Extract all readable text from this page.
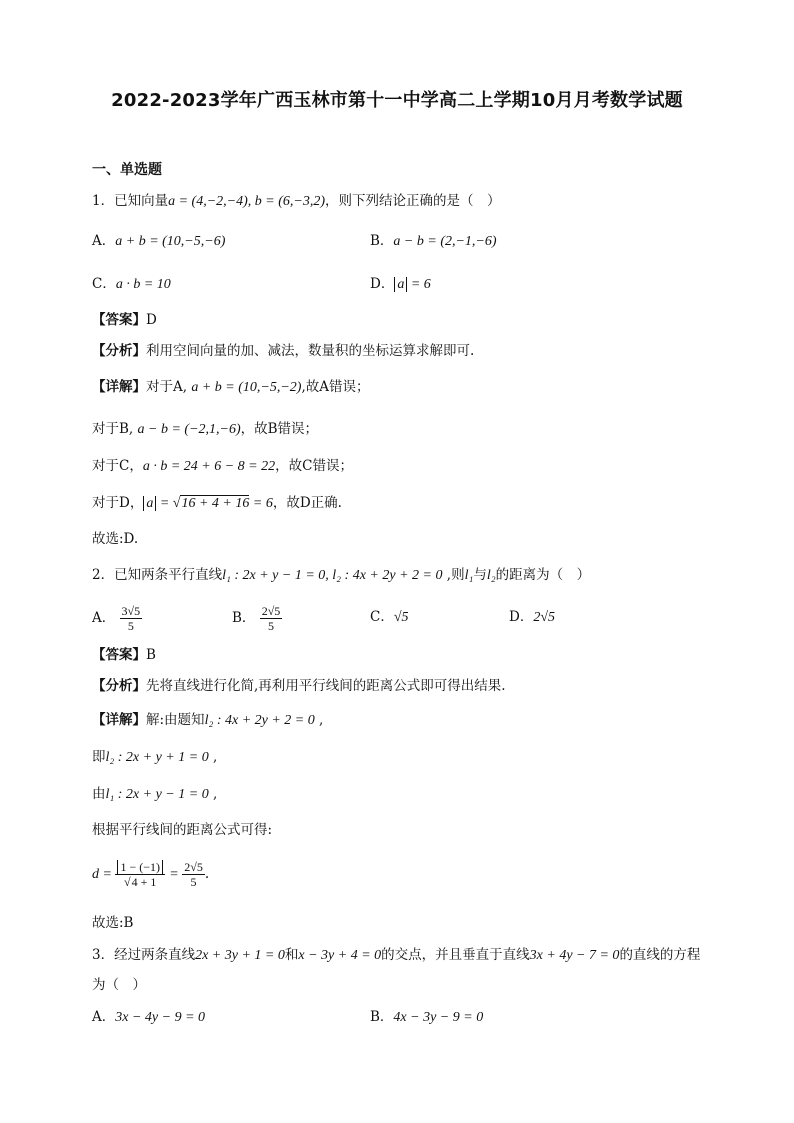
2022-2023学年广西玉林市第十一中学高二上学期10月月考数学试题
一、单选题
1．已知向量a = (4,−2,−4), b = (6,−3,2)，则下列结论正确的是（　）
A．a + b = (10,−5,−6)	B．a − b = (2,−1,−6)
C．a · b = 10	D． a = 6
【答案】D
【分析】利用空间向量的加、减法，数量积的坐标运算求解即可.
【详解】对于A, a + b = (10,−5,−2),故A错误；
对于B, a − b = (−2,1,−6)，故B错误；
对于C，a · b = 24 + 6 − 8 = 22，故C错误；
对于D， a = √16 + 4 + 16 = 6，故D正确.
故选:D.
2．已知两条平行直线l₁ : 2x + y − 1 = 0, l₂ : 4x + 2y + 2 = 0 ,则l₁与l₂的距离为（　）
A． $\frac{3√5}{5}$	B． $\frac{2√5}{5}$	C．√5	D．2√5
【答案】B
【分析】先将直线进行化简,再利用平行线间的距离公式即可得出结果.
【详解】解:由题知l₂ : 4x + 2y + 2 = 0 ,
即l₂ : 2x + y + 1 = 0 ,
由l₁ : 2x + y − 1 = 0 ,
根据平行线间的距离公式可得:
$d = \frac{1 - (-1)}{√4 + 1} = \frac{2√5}{5}$ .
故选:B
3．经过两条直线2x + 3y + 1 = 0和x − 3y + 4 = 0的交点，并且垂直于直线3x + 4y − 7 = 0的直线的方程
为（　）
A．3x − 4y − 9 = 0	B．4x − 3y − 9 = 0
